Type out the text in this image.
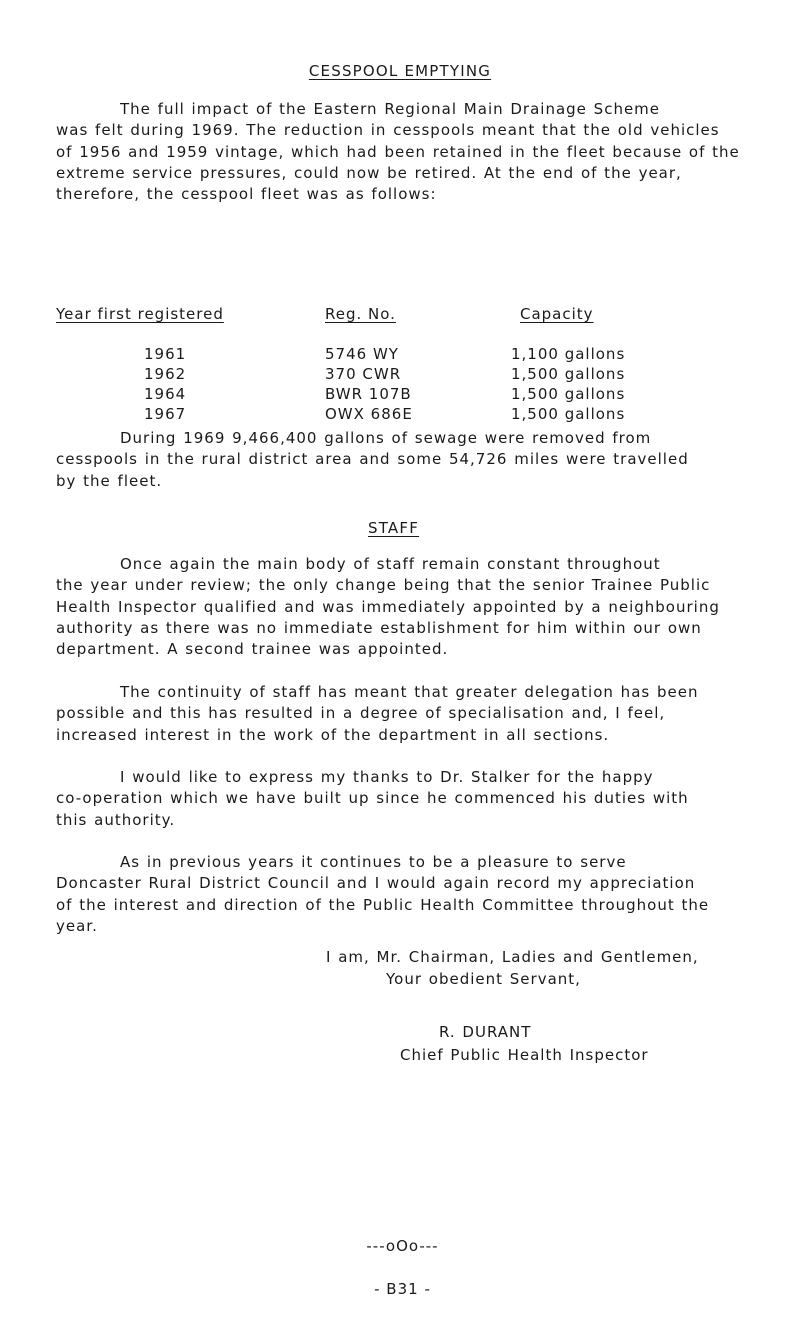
CESSPOOL EMPTYING
The full impact of the Eastern Regional Main Drainage Scheme
was felt during 1969. The reduction in cesspools meant that the old vehicles
of 1956 and 1959 vintage, which had been retained in the fleet because of the
extreme service pressures, could now be retired. At the end of the year,
therefore, the cesspool fleet was as follows:
Year first registered	Reg. No.	Capacity
1961	5746 WY	1,100 gallons
1962	370 CWR	1,500 gallons
1964	BWR 107B	1,500 gallons
1967	OWX 686E	1,500 gallons
During 1969 9,466,400 gallons of sewage were removed from
cesspools in the rural district area and some 54,726 miles were travelled
by the fleet.
STAFF
Once again the main body of staff remain constant throughout
the year under review; the only change being that the senior Trainee Public
Health Inspector qualified and was immediately appointed by a neighbouring
authority as there was no immediate establishment for him within our own
department. A second trainee was appointed.
The continuity of staff has meant that greater delegation has been
possible and this has resulted in a degree of specialisation and, I feel,
increased interest in the work of the department in all sections.
I would like to express my thanks to Dr. Stalker for the happy
co-operation which we have built up since he commenced his duties with
this authority.
As in previous years it continues to be a pleasure to serve
Doncaster Rural District Council and I would again record my appreciation
of the interest and direction of the Public Health Committee throughout the
year.
I am, Mr. Chairman, Ladies and Gentlemen,
Your obedient Servant,
R. DURANT
Chief Public Health Inspector
---oOo---
- B31 -
